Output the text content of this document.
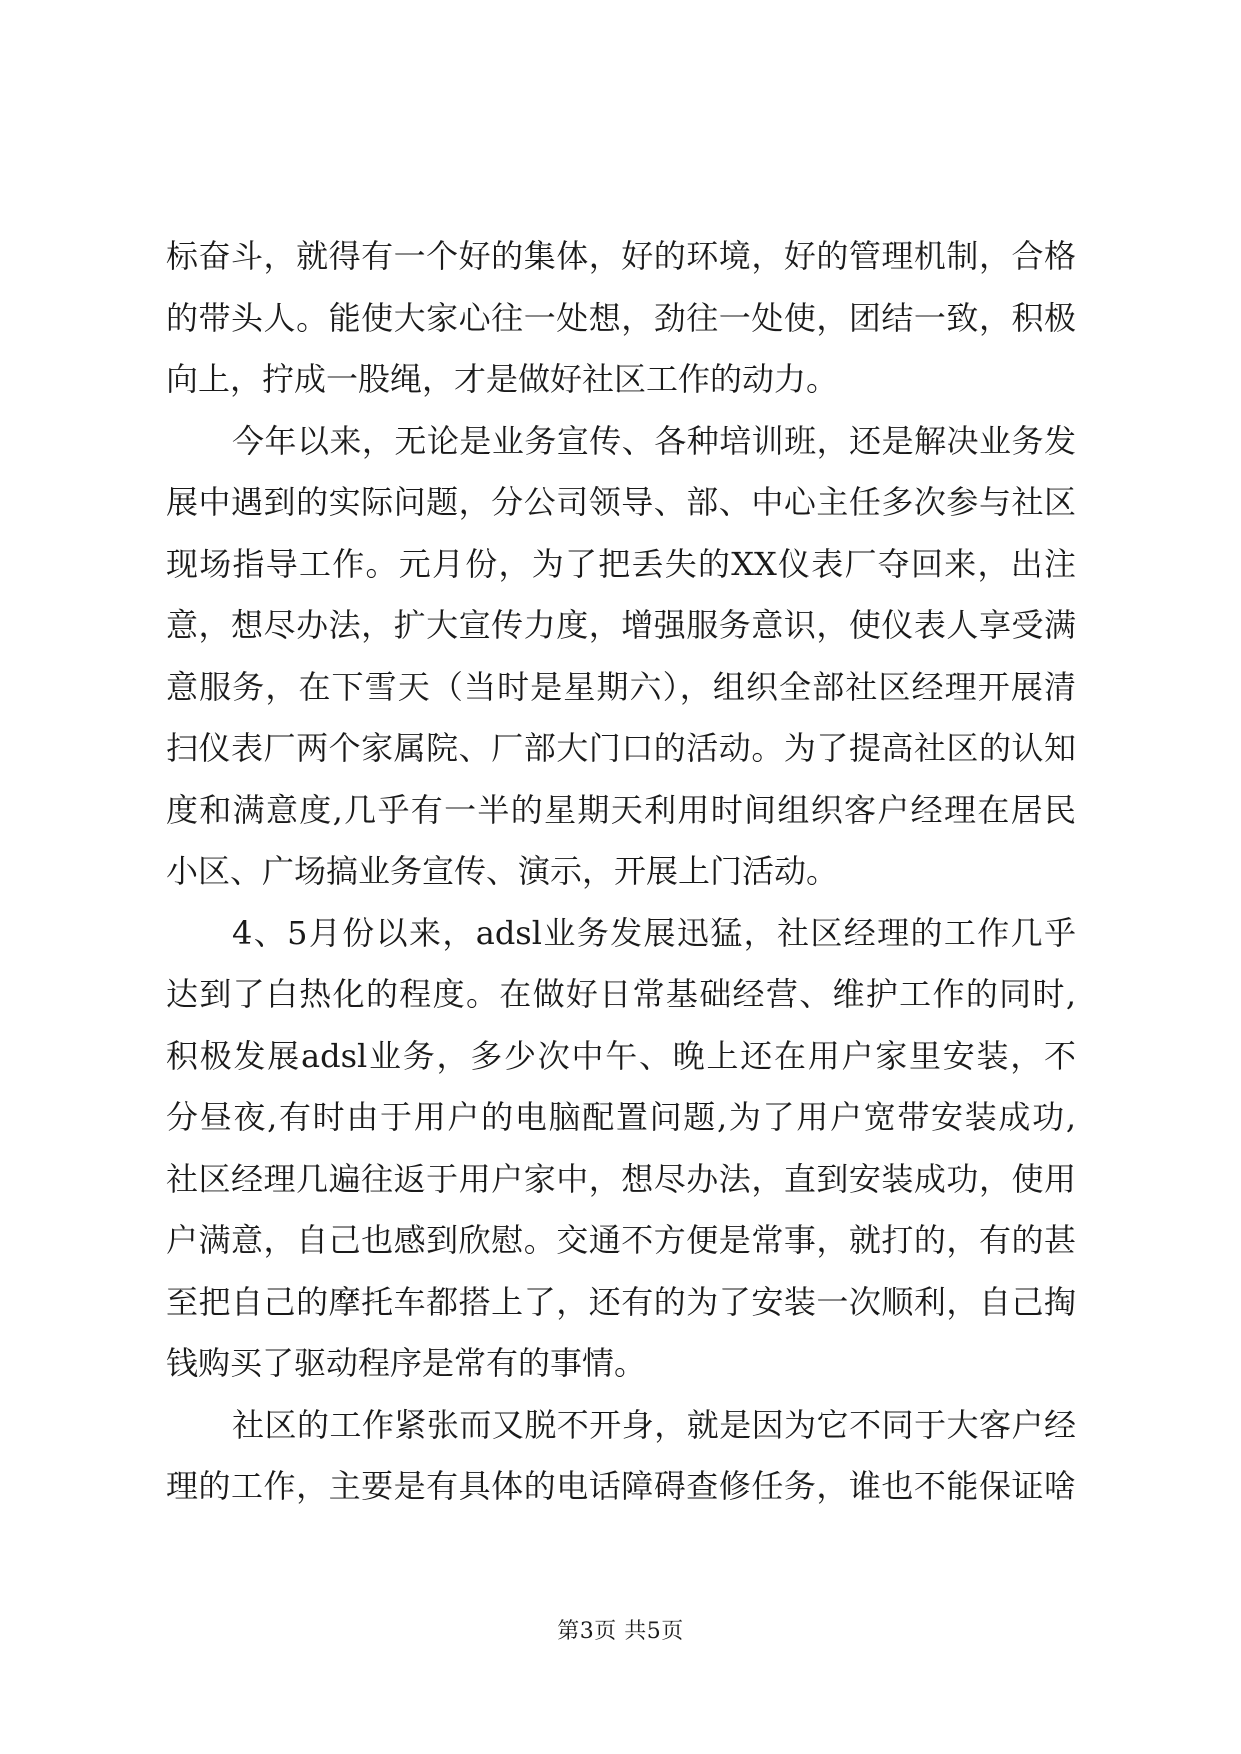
标奋斗，就得有一个好的集体，好的环境，好的管理机制，合格
的带头人。能使大家心往一处想，劲往一处使，团结一致，积极
向上，拧成一股绳，才是做好社区工作的动力。
今年以来，无论是业务宣传、各种培训班，还是解决业务发
展中遇到的实际问题，分公司领导、部、中心主任多次参与社区
现场指导工作。元月份，为了把丢失的XX仪表厂夺回来，出注
意，想尽办法，扩大宣传力度，增强服务意识，使仪表人享受满
意服务，在下雪天（当时是星期六），组织全部社区经理开展清
扫仪表厂两个家属院、厂部大门口的活动。为了提高社区的认知
度和满意度,几乎有一半的星期天利用时间组织客户经理在居民
小区、广场搞业务宣传、演示，开展上门活动。
4、5月份以来，adsl业务发展迅猛，社区经理的工作几乎
达到了白热化的程度。在做好日常基础经营、维护工作的同时,
积极发展adsl业务，多少次中午、晚上还在用户家里安装，不
分昼夜,有时由于用户的电脑配置问题,为了用户宽带安装成功,
社区经理几遍往返于用户家中，想尽办法，直到安装成功，使用
户满意，自己也感到欣慰。交通不方便是常事，就打的，有的甚
至把自己的摩托车都搭上了，还有的为了安装一次顺利，自己掏
钱购买了驱动程序是常有的事情。
社区的工作紧张而又脱不开身，就是因为它不同于大客户经
理的工作，主要是有具体的电话障碍查修任务，谁也不能保证啥
第3页 共5页
